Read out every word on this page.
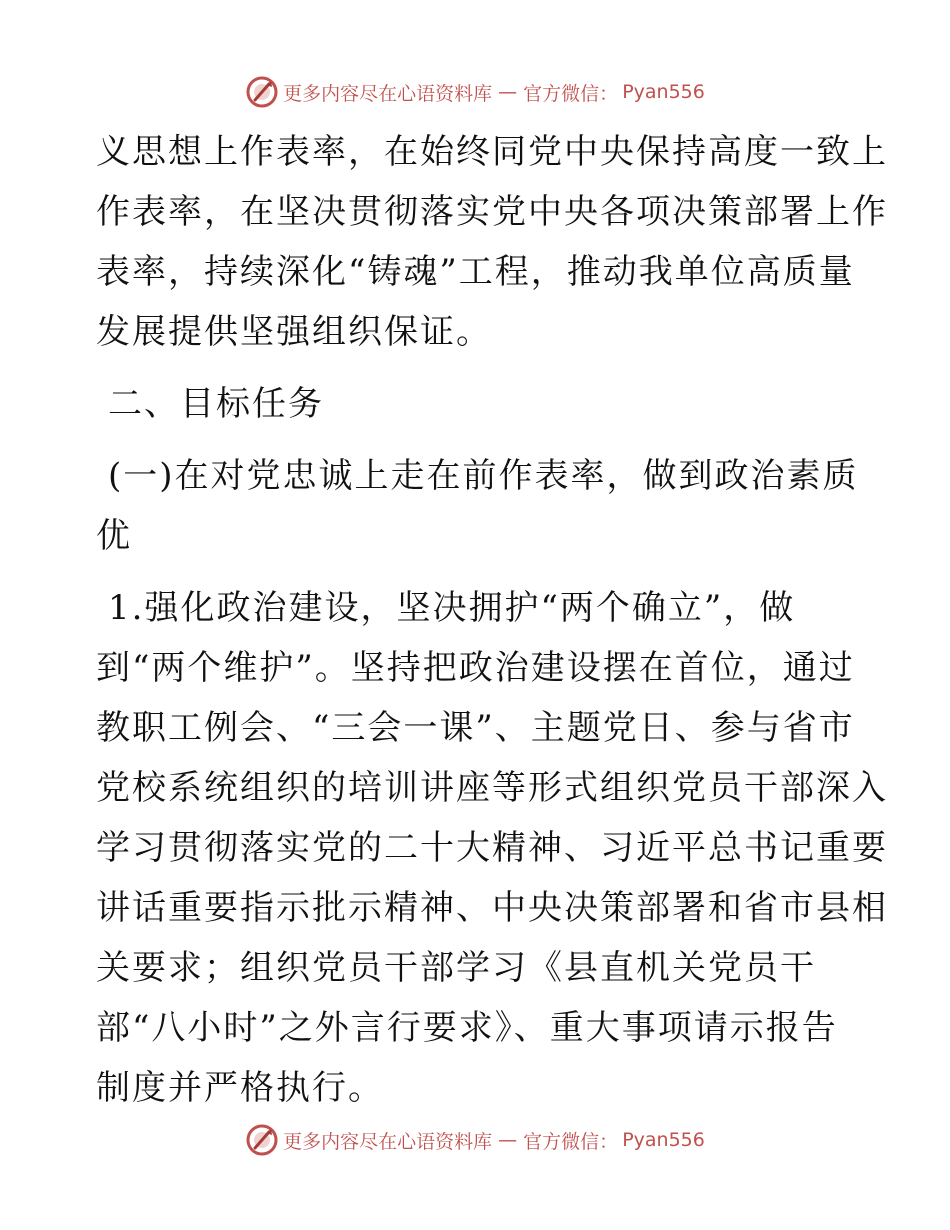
更多内容尽在心语资料库 — 官方微信： Pyan556
义思想上作表率，在始终同党中央保持高度一致上
作表率，在坚决贯彻落实党中央各项决策部署上作
表率，持续深化“铸魂”工程，推动我单位高质量
发展提供坚强组织保证。
二、目标任务
(一)在对党忠诚上走在前作表率，做到政治素质
优
1.强化政治建设，坚决拥护“两个确立”，做
到“两个维护”。坚持把政治建设摆在首位，通过
教职工例会、“三会一课”、主题党日、参与省市
党校系统组织的培训讲座等形式组织党员干部深入
学习贯彻落实党的二十大精神、习近平总书记重要
讲话重要指示批示精神、中央决策部署和省市县相
关要求；组织党员干部学习《县直机关党员干
部“八小时”之外言行要求》、重大事项请示报告
制度并严格执行。
更多内容尽在心语资料库 — 官方微信： Pyan556
